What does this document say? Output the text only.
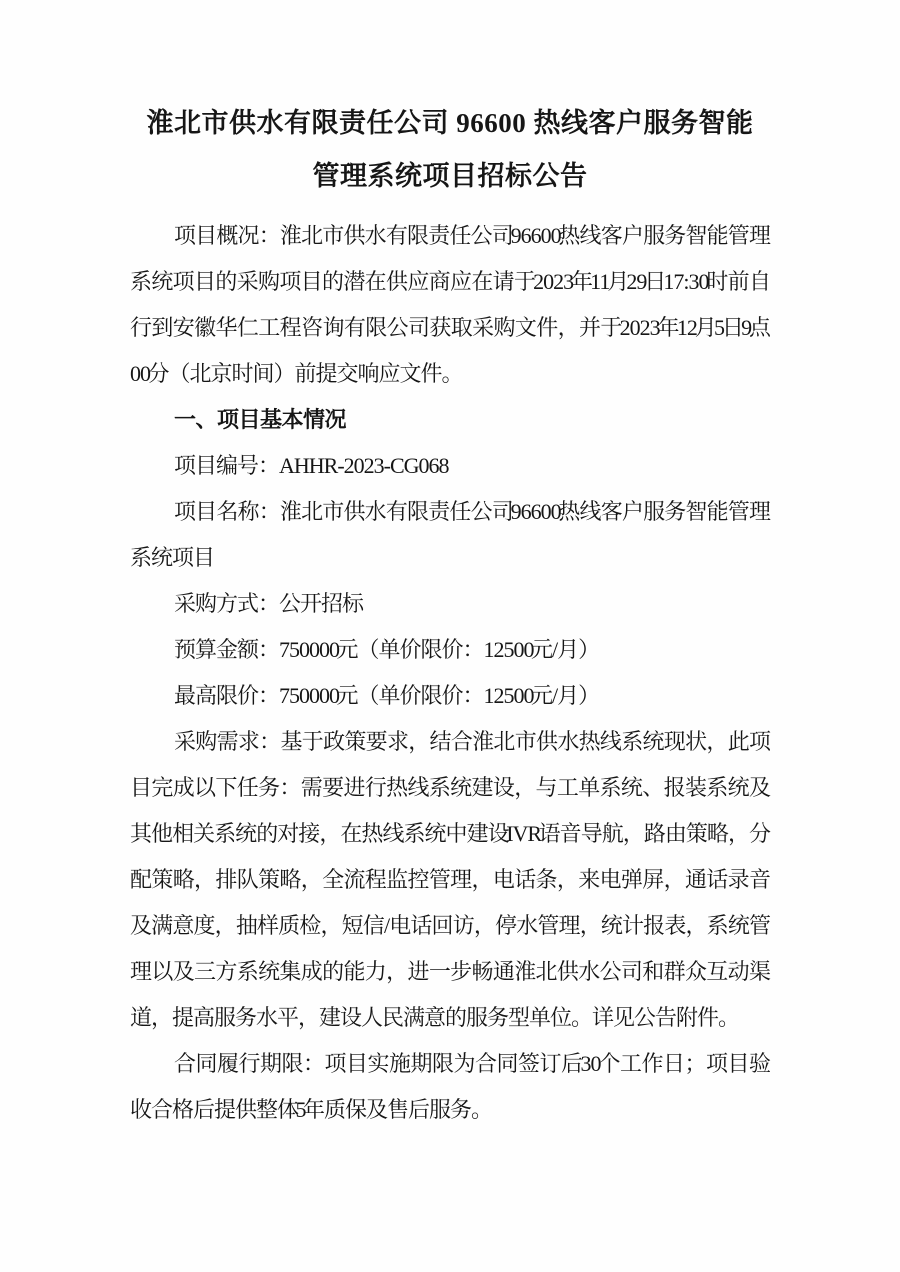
淮北市供水有限责任公司 96600 热线客户服务智能
管理系统项目招标公告

项目概况：淮北市供水有限责任公司 96600 热线客户服务智能管理系统项目的采购项目的潜在供应商应在请于 2023 年 11 月 29 日 17:30 时前自行到安徽华仁工程咨询有限公司获取采购文件，并于 2023 年 12 月 5 日 9 点 00 分（北京时间）前提交响应文件。

一、项目基本情况

项目编号：AHHR-2023-CG068

项目名称：淮北市供水有限责任公司 96600 热线客户服务智能管理系统项目

采购方式：公开招标

预算金额：750000 元（单价限价：12500 元/月）

最高限价：750000 元（单价限价：12500 元/月）

采购需求：基于政策要求，结合淮北市供水热线系统现状，此项目完成以下任务：需要进行热线系统建设，与工单系统、报装系统及其他相关系统的对接，在热线系统中建设 IVR 语音导航，路由策略，分配策略，排队策略，全流程监控管理，电话条，来电弹屏，通话录音及满意度，抽样质检，短信/电话回访，停水管理，统计报表，系统管理以及三方系统集成的能力，进一步畅通淮北供水公司和群众互动渠道，提高服务水平，建设人民满意的服务型单位。详见公告附件。

合同履行期限：项目实施期限为合同签订后 30 个工作日；项目验收合格后提供整体 5 年质保及售后服务。
